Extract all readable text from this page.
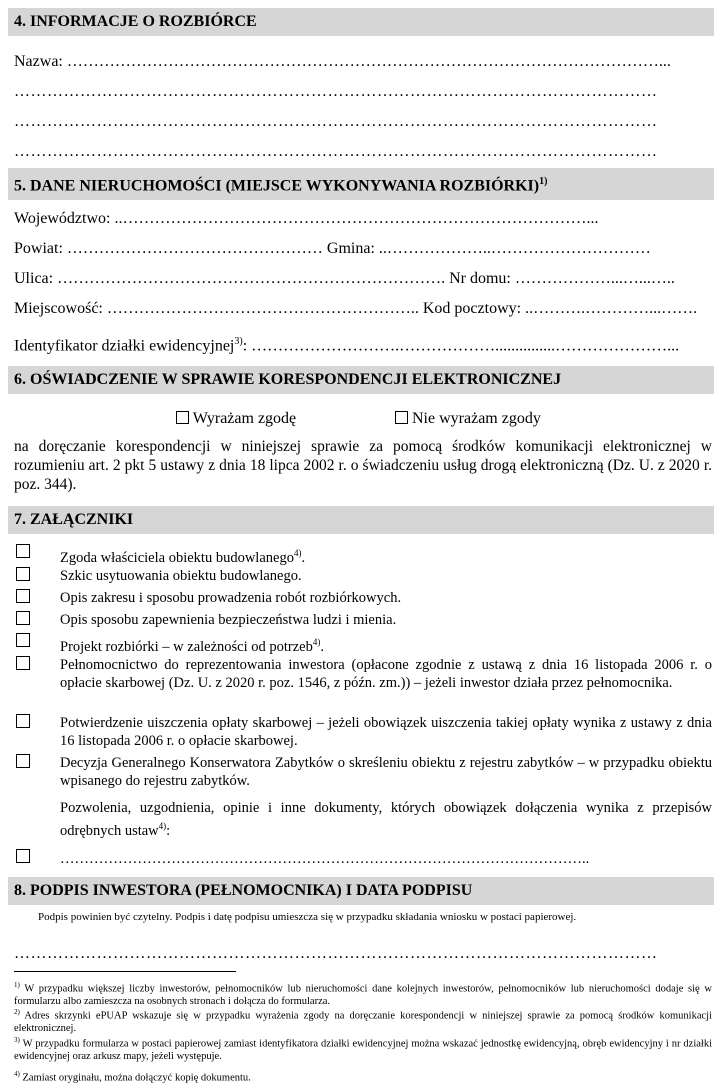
4. INFORMACJE O ROZBIÓRCE
Nazwa: …………………………………………………………………………………………………...
………………………………………………………………………………………………………
………………………………………………………………………………………………………
………………………………………………………………………………………………………
5. DANE NIERUCHOMOŚCI (MIEJSCE WYKONYWANIA ROZBIÓRKI)$^{1)}$
Województwo: ..……………………………………………………………………………...
Powiat: ………………………………………… Gmina: ..………………..…………………………
Ulica: ………………………………………………………………. Nr domu: ………………...…...…..
Miejscowość: ………………………………………………….. Kod pocztowy: ..……….…………...…….
Identyfikator działki ewidencyjnej$^{3)}$: ……………………….………………...............…………………...
6. OŚWIADCZENIE W SPRAWIE KORESPONDENCJI ELEKTRONICZNEJ
Wyrażam zgodę	Nie wyrażam zgody
na doręczanie korespondencji w niniejszej sprawie za pomocą środków komunikacji elektronicznej w rozumieniu art. 2 pkt 5 ustawy z dnia 18 lipca 2002 r. o świadczeniu usług drogą elektroniczną (Dz. U. z 2020 r. poz. 344).
7. ZAŁĄCZNIKI
Zgoda właściciela obiektu budowlanego$^{4)}$.
Szkic usytuowania obiektu budowlanego.
Opis zakresu i sposobu prowadzenia robót rozbiórkowych.
Opis sposobu zapewnienia bezpieczeństwa ludzi i mienia.
Projekt rozbiórki – w zależności od potrzeb$^{4)}$.
Pełnomocnictwo do reprezentowania inwestora (opłacone zgodnie z ustawą z dnia 16 listopada 2006 r. o opłacie skarbowej (Dz. U. z 2020 r. poz. 1546, z późn. zm.)) – jeżeli inwestor działa przez pełnomocnika.
Potwierdzenie uiszczenia opłaty skarbowej – jeżeli obowiązek uiszczenia takiej opłaty wynika z ustawy z dnia 16 listopada 2006 r. o opłacie skarbowej.
Decyzja Generalnego Konserwatora Zabytków o skreśleniu obiektu z rejestru zabytków – w przypadku obiektu wpisanego do rejestru zabytków.
Pozwolenia, uzgodnienia, opinie i inne dokumenty, których obowiązek dołączenia wynika z przepisów odrębnych ustaw$^{4)}$:
………………………………………………………………………………………………..
8. PODPIS INWESTORA (PEŁNOMOCNIKA) I DATA PODPISU
Podpis powinien być czytelny. Podpis i datę podpisu umieszcza się w przypadku składania wniosku w postaci papierowej.
………………………………………………………………………………………………………
$^{1)}$ W przypadku większej liczby inwestorów, pełnomocników lub nieruchomości dane kolejnych inwestorów, pełnomocników lub nieruchomości dodaje się w formularzu albo zamieszcza na osobnych stronach i dołącza do formularza.
$^{2)}$ Adres skrzynki ePUAP wskazuje się w przypadku wyrażenia zgody na doręczanie korespondencji w niniejszej sprawie za pomocą środków komunikacji elektronicznej.
$^{3)}$ W przypadku formularza w postaci papierowej zamiast identyfikatora działki ewidencyjnej można wskazać jednostkę ewidencyjną, obręb ewidencyjny i nr działki ewidencyjnej oraz arkusz mapy, jeżeli występuje.
$^{4)}$ Zamiast oryginału, można dołączyć kopię dokumentu.
